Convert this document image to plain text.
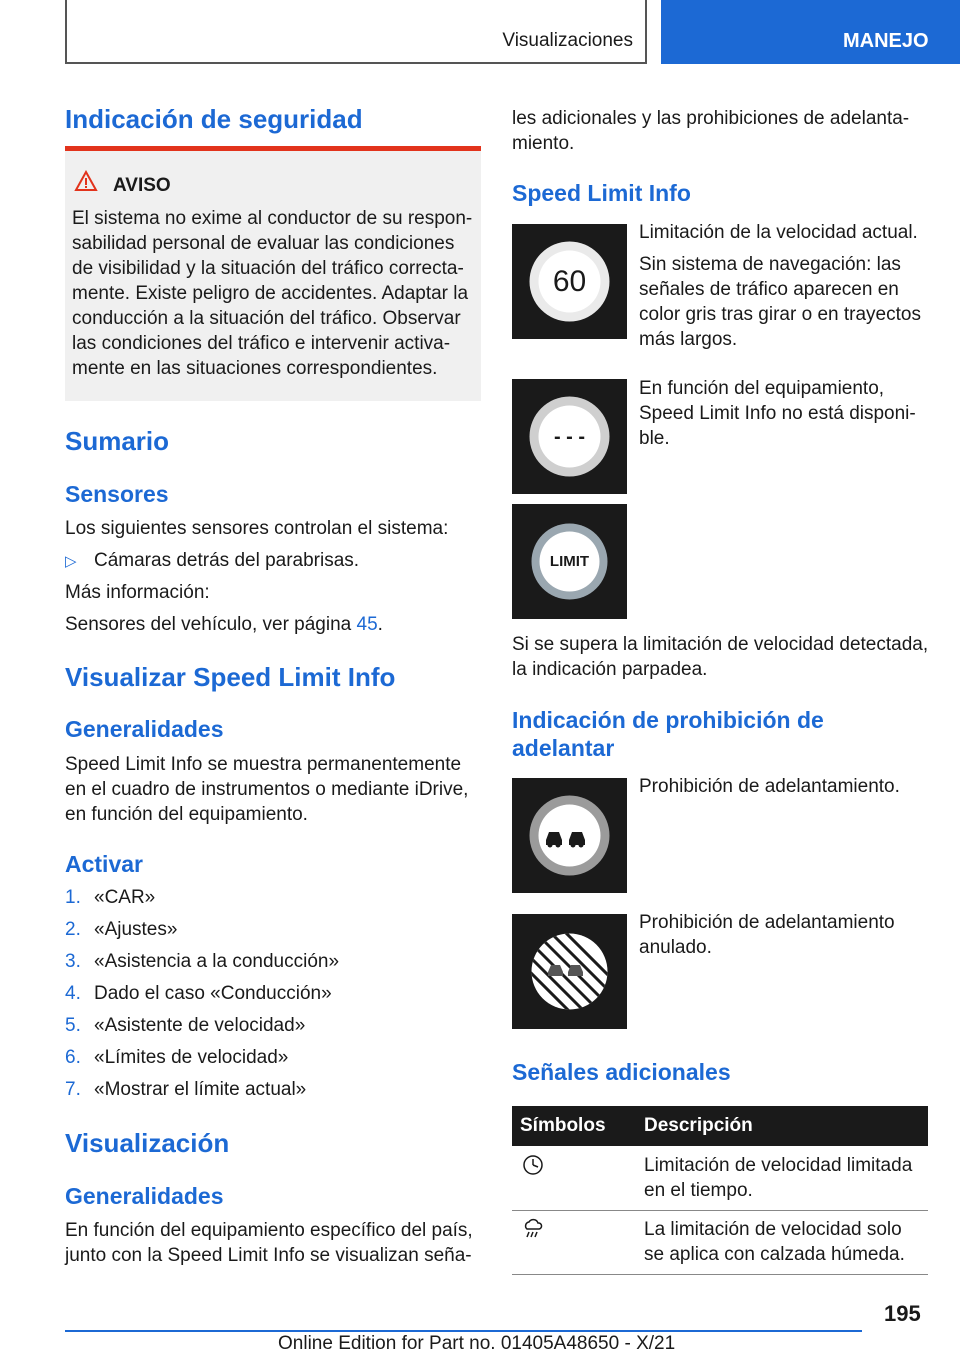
Visualizaciones	MANEJO
Indicación de seguridad
AVISO
El sistema no exime al conductor de su respon‐
sabilidad personal de evaluar las condiciones
de visibilidad y la situación del tráfico correcta‐
mente. Existe peligro de accidentes. Adaptar la
conducción a la situación del tráfico. Observar
las condiciones del tráfico e intervenir activa‐
mente en las situaciones correspondientes.
Sumario
Sensores
Los siguientes sensores controlan el sistema:
▷ Cámaras detrás del parabrisas.
Más información:
Sensores del vehículo, ver página 45.
Visualizar Speed Limit Info
Generalidades
Speed Limit Info se muestra permanentemente
en el cuadro de instrumentos o mediante iDrive,
en función del equipamiento.
Activar
1. «CAR»
2. «Ajustes»
3. «Asistencia a la conducción»
4. Dado el caso «Conducción»
5. «Asistente de velocidad»
6. «Límites de velocidad»
7. «Mostrar el límite actual»
Visualización
Generalidades
En función del equipamiento específico del país,
junto con la Speed Limit Info se visualizan seña‐
les adicionales y las prohibiciones de adelanta‐
miento.
Speed Limit Info
60
Limitación de la velocidad actual.
Sin sistema de navegación: las
señales de tráfico aparecen en
color gris tras girar o en trayectos
más largos.
- - -
En función del equipamiento,
Speed Limit Info no está disponi‐
ble.
LIMIT
Si se supera la limitación de velocidad detectada,
la indicación parpadea.
Indicación de prohibición de
adelantar
Prohibición de adelantamiento.
Prohibición de adelantamiento
anulado.
Señales adicionales
Símbolos Descripción
Limitación de velocidad limitada
en el tiempo.
La limitación de velocidad solo
se aplica con calzada húmeda.
195
Online Edition for Part no. 01405A48650 - X/21
